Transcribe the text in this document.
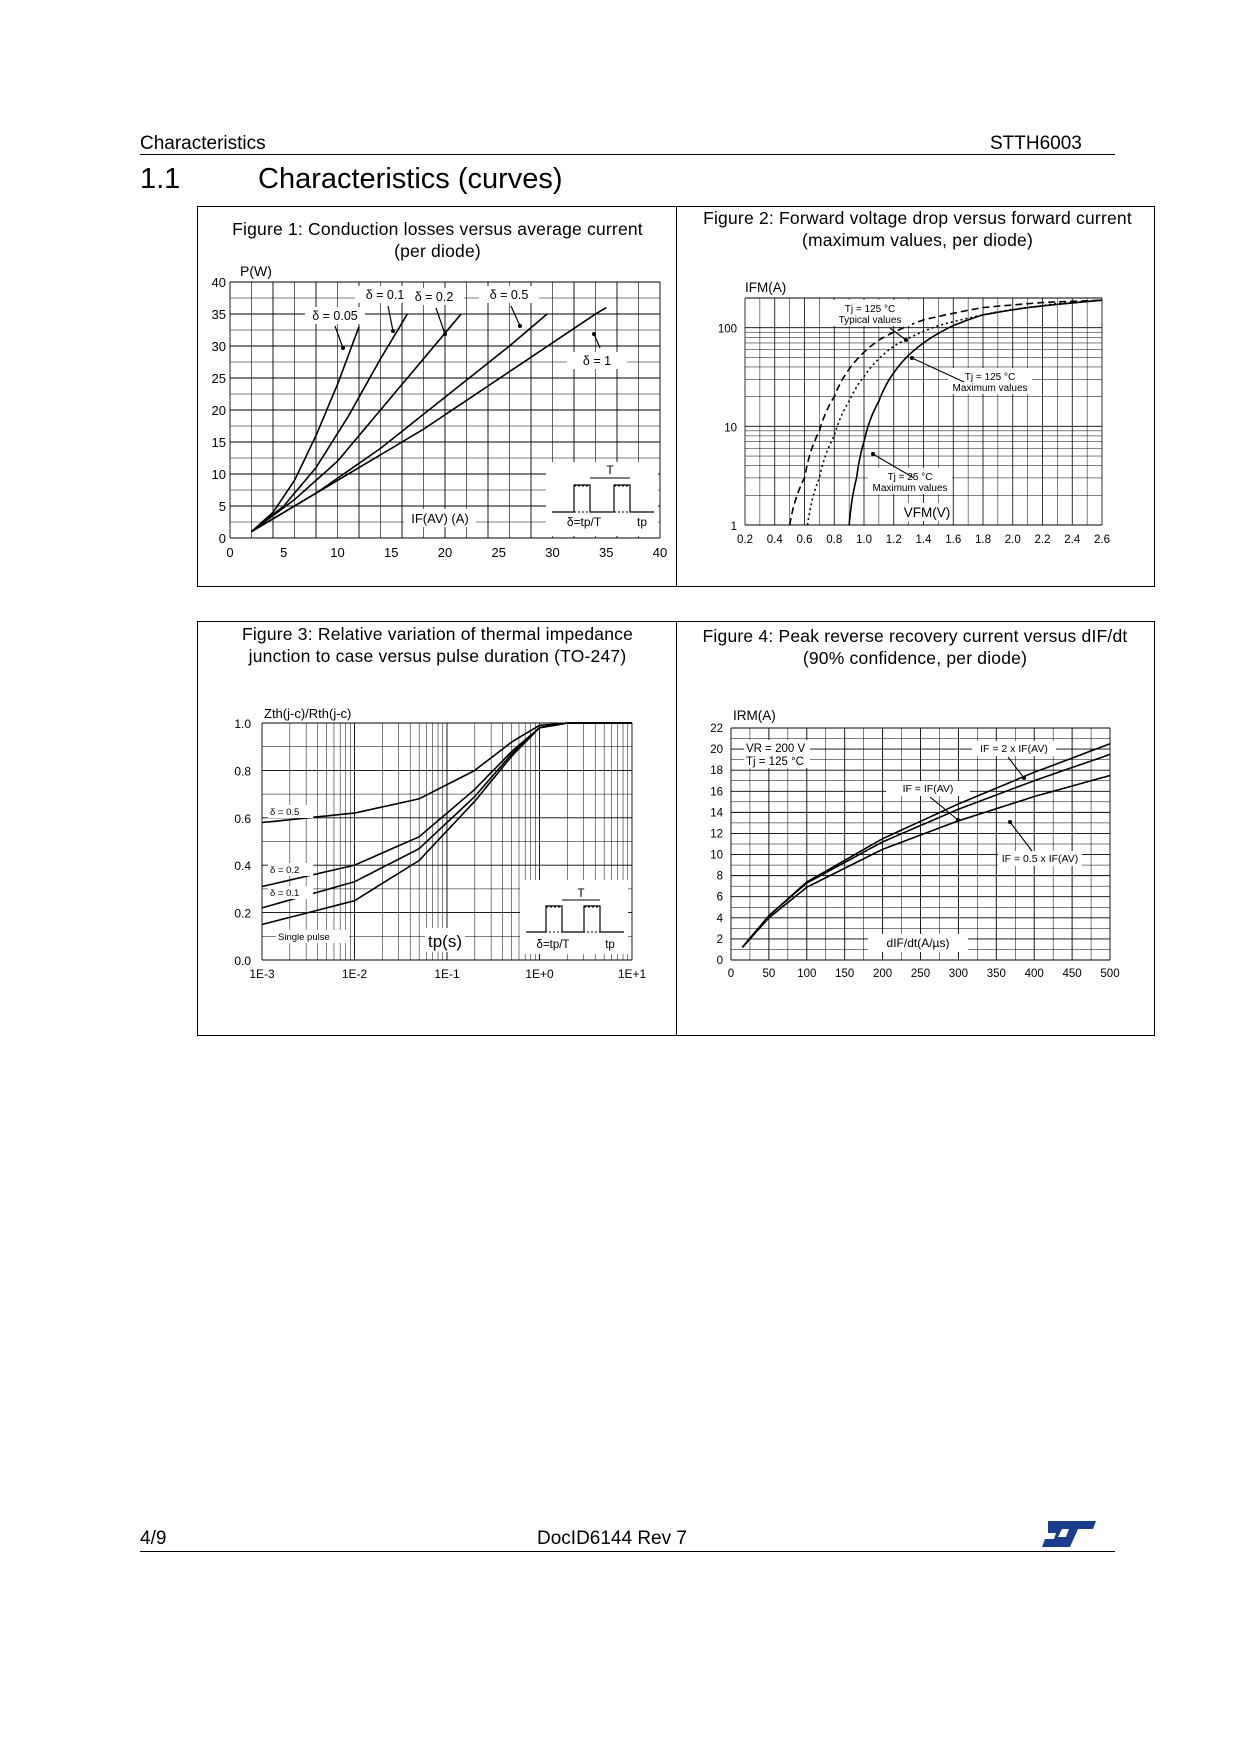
Characteristics	STTH6003
1.1	Characteristics (curves)
Figure 1: Conduction losses versus average current (per diode)
Figure 2: Forward voltage drop versus forward current (maximum values, per diode)
Figure 3: Relative variation of thermal impedance junction to case versus pulse duration (TO-247)
Figure 4: Peak reverse recovery current versus dIF/dt (90% confidence, per diode)
0	5	10	15	20	25	30	35	40
0
5
10
15
20
25
30
35
40
P(W)
δ = 0.05
δ = 0.1 δ = 0.2	δ = 0.5
δ = 1
IF(AV) (A)
T
δ=tp/T	tp
0.2 0.4 0.6 0.8 1.0 1.2 1.4 1.6 1.8 2.0 2.2 2.4 2.6
1
10
100
IFM(A)
Tj = 125 °C
Typical values
Tj = 125 °C
Maximum values
Tj = 25 °C
Maximum values
VFM(V)
1E-3	1E-2	1E-1	1E+0	1E+1
0.0
0.2
0.4
0.6
0.8
1.0
Zth(j-c)/Rth(j-c)
δ = 0.5
δ = 0.2
δ = 0.1
Single pulse	tp(s)
T
δ=tp/T	tp
0 50 100 150 200 250 300 350 400 450 500
0
2
4
6
8
10
12
14
16
18
20
22
IRM(A)
VR = 200 V
Tj = 125 °C
IF = 2 x IF(AV)
IF = IF(AV)
IF = 0.5 x IF(AV)
dIF/dt(A/µs)
4/9	DocID6144 Rev 7
